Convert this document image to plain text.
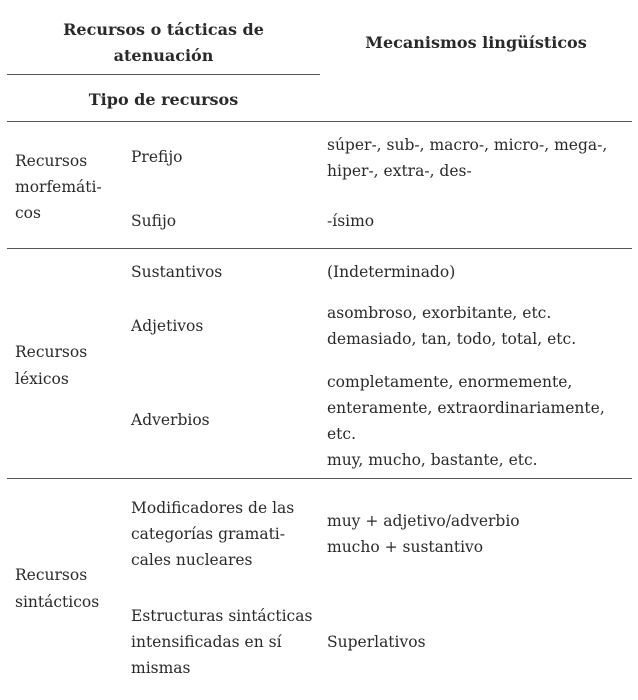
Recursos o tácticas de
atenuación
Mecanismos lingüísticos
Tipo de recursos
Recursos
morfemáti-
cos
Prefijo
súper-, sub-, macro-, micro-, mega-,
hiper-, extra-, des-
Sufijo	-ísimo
Recursos
léxicos
Sustantivos	(Indeterminado)
Adjetivos
asombroso, exorbitante, etc.
demasiado, tan, todo, total, etc.
Adverbios
completamente, enormemente,
enteramente, extraordinariamente,
etc.
muy, mucho, bastante, etc.
Recursos
sintácticos
Modificadores de las
categorías gramati-
cales nucleares
muy + adjetivo/adverbio
mucho + sustantivo
Estructuras sintácticas
intensificadas en sí
mismas
Superlativos
